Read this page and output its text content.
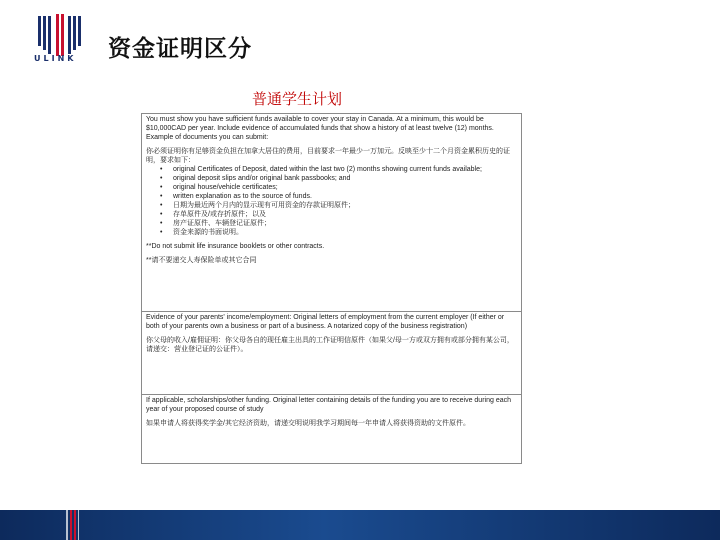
ULINK	资金证明区分
普通学生计划

You must show you have sufficient funds available to cover your stay in Canada. At a minimum, this would be $10,000CAD per year. Include evidence of accumulated funds that show a history of at least twelve (12) months. Example of documents you can submit:

你必须证明你有足够资金负担在加拿大居住的费用，目前要求一年最少一万加元。反映至少十二个月资金累积历史的证明，要求如下：

• original Certificates of Deposit, dated within the last two (2) months showing current funds available;
• original deposit slips and/or original bank passbooks; and
• original house/vehicle certificates;
• written explanation as to the source of funds.
• 日期为最近两个月内的显示现有可用资金的存款证明原件；
• 存单原件及/或存折原件；以及
• 房产证原件、车辆登记证原件；
• 资金来源的书面说明。

**Do not submit life insurance booklets or other contracts.

**请不要递交人寿保险单或其它合同

Evidence of your parents' income/employment: Original letters of employment from the current employer (If either or both of your parents own a business or part of a business. A notarized copy of the business registration)

你父母的收入/雇佣证明：你父母各自的现任雇主出具的工作证明信原件（如果父/母一方或双方拥有或部分拥有某公司，请递交：营业登记证的公证件）。

If applicable, scholarships/other funding. Original letter containing details of the funding you are to receive during each year of your proposed course of study

如果申请人将获得奖学金/其它经济资助，请递交明说明我学习期间每一年申请人将获得资助的文件原件。
